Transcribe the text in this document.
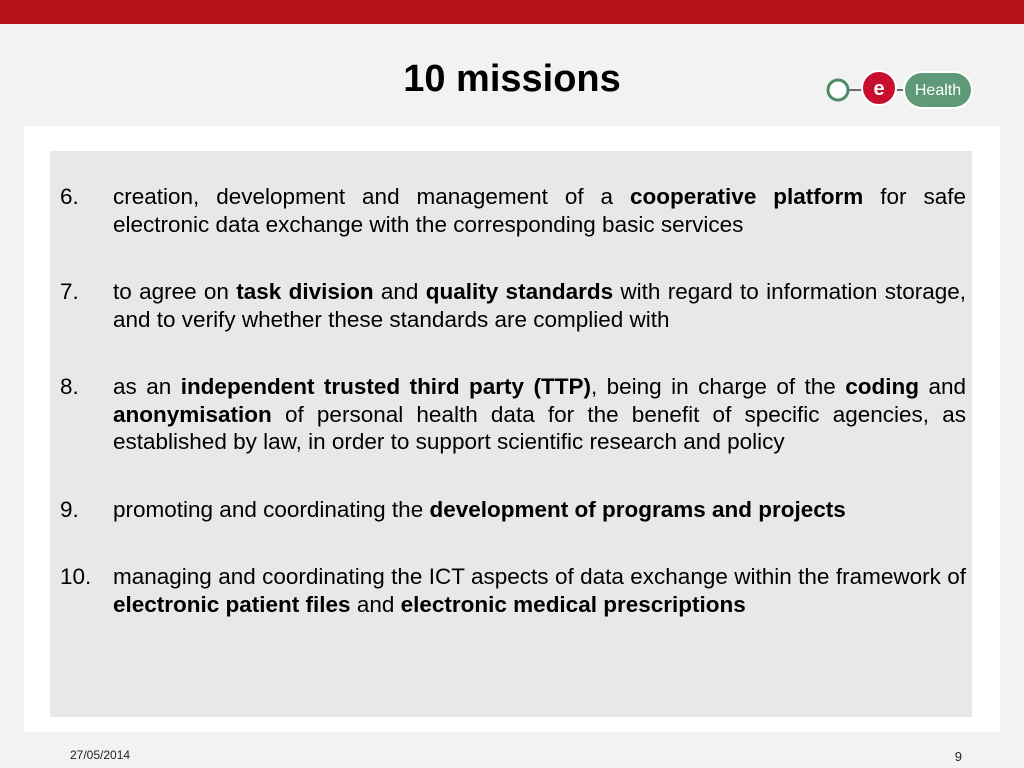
10 missions	e Health
6. creation, development and management of a cooperative platform for safe electronic data exchange with the corresponding basic services
7. to agree on task division and quality standards with regard to information storage, and to verify whether these standards are complied with
8. as an independent trusted third party (TTP), being in charge of the coding and anonymisation of personal health data for the benefit of specific agencies, as established by law, in order to support scientific research and policy
9. promoting and coordinating the development of programs and projects
10. managing and coordinating the ICT aspects of data exchange within the framework of electronic patient files and electronic medical prescriptions
27/05/2014	9
